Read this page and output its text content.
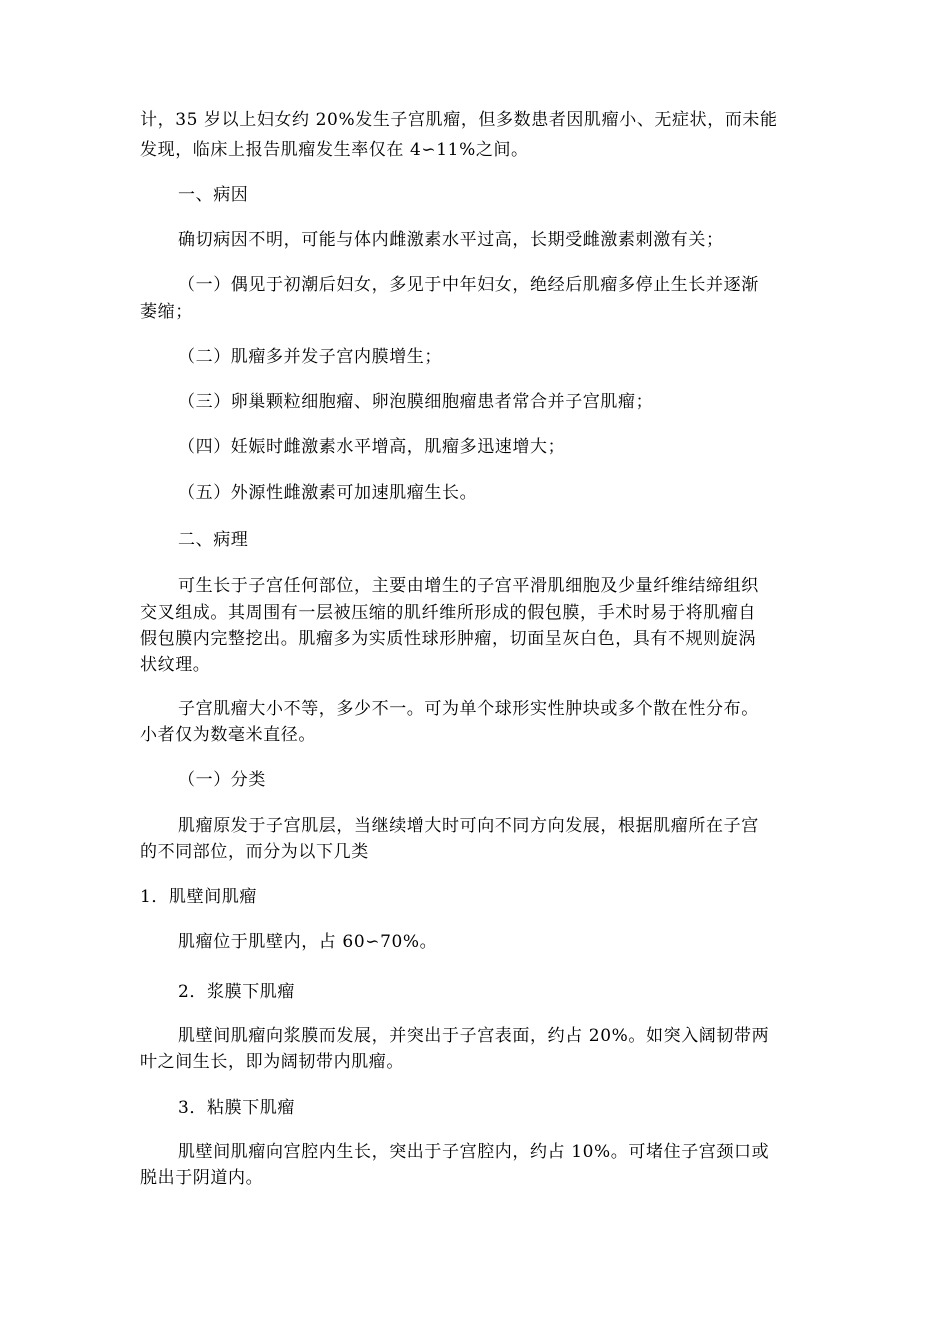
计，35 岁以上妇女约 20%发生子宫肌瘤，但多数患者因肌瘤小、无症状，而未能
发现，临床上报告肌瘤发生率仅在 4∽11%之间。
一、病因
确切病因不明，可能与体内雌激素水平过高，长期受雌激素刺激有关；
（一）偶见于初潮后妇女，多见于中年妇女，绝经后肌瘤多停止生长并逐渐
萎缩；
（二）肌瘤多并发子宫内膜增生；
（三）卵巢颗粒细胞瘤、卵泡膜细胞瘤患者常合并子宫肌瘤；
（四）妊娠时雌激素水平增高，肌瘤多迅速增大；
（五）外源性雌激素可加速肌瘤生长。
二、病理
可生长于子宫任何部位，主要由增生的子宫平滑肌细胞及少量纤维结缔组织
交叉组成。其周围有一层被压缩的肌纤维所形成的假包膜，手术时易于将肌瘤自
假包膜内完整挖出。肌瘤多为实质性球形肿瘤，切面呈灰白色，具有不规则旋涡
状纹理。
子宫肌瘤大小不等，多少不一。可为单个球形实性肿块或多个散在性分布。
小者仅为数毫米直径。
（一）分类
肌瘤原发于子宫肌层，当继续增大时可向不同方向发展，根据肌瘤所在子宫
的不同部位，而分为以下几类
1．肌壁间肌瘤
肌瘤位于肌壁内，占 60∽70%。
2．浆膜下肌瘤
肌壁间肌瘤向浆膜而发展，并突出于子宫表面，约占 20%。如突入阔韧带两
叶之间生长，即为阔韧带内肌瘤。
3．粘膜下肌瘤
肌壁间肌瘤向宫腔内生长，突出于子宫腔内，约占 10%。可堵住子宫颈口或
脱出于阴道内。
